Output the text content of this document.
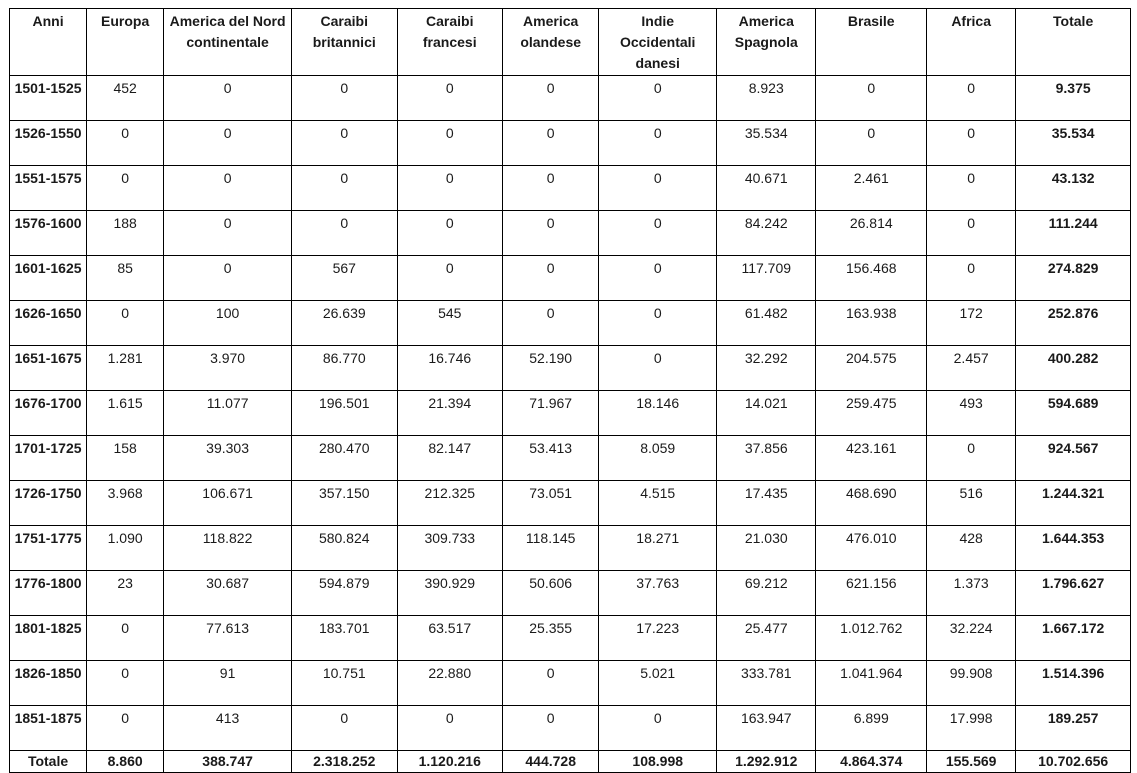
Anni	Europa	America del Nord continentale	Caraibi britannici	Caraibi francesi	America olandese	Indie Occidentali danesi	America Spagnola	Brasile	Africa	Totale
1501-1525	452	0	0	0	0	0	8.923	0	0	9.375
1526-1550	0	0	0	0	0	0	35.534	0	0	35.534
1551-1575	0	0	0	0	0	0	40.671	2.461	0	43.132
1576-1600	188	0	0	0	0	0	84.242	26.814	0	111.244
1601-1625	85	0	567	0	0	0	117.709	156.468	0	274.829
1626-1650	0	100	26.639	545	0	0	61.482	163.938	172	252.876
1651-1675	1.281	3.970	86.770	16.746	52.190	0	32.292	204.575	2.457	400.282
1676-1700	1.615	11.077	196.501	21.394	71.967	18.146	14.021	259.475	493	594.689
1701-1725	158	39.303	280.470	82.147	53.413	8.059	37.856	423.161	0	924.567
1726-1750	3.968	106.671	357.150	212.325	73.051	4.515	17.435	468.690	516	1.244.321
1751-1775	1.090	118.822	580.824	309.733	118.145	18.271	21.030	476.010	428	1.644.353
1776-1800	23	30.687	594.879	390.929	50.606	37.763	69.212	621.156	1.373	1.796.627
1801-1825	0	77.613	183.701	63.517	25.355	17.223	25.477	1.012.762	32.224	1.667.172
1826-1850	0	91	10.751	22.880	0	5.021	333.781	1.041.964	99.908	1.514.396
1851-1875	0	413	0	0	0	0	163.947	6.899	17.998	189.257
Totale	8.860	388.747	2.318.252	1.120.216	444.728	108.998	1.292.912	4.864.374	155.569	10.702.656
